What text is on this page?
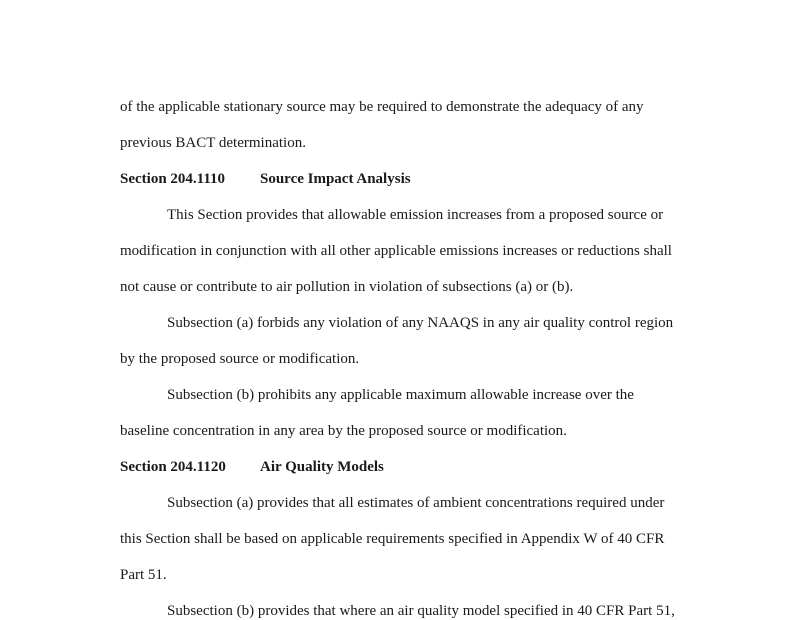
of the applicable stationary source may be required to demonstrate the adequacy of any
previous BACT determination.
Section 204.1110 Source Impact Analysis
This Section provides that allowable emission increases from a proposed source or
modification in conjunction with all other applicable emissions increases or reductions shall
not cause or contribute to air pollution in violation of subsections (a) or (b).
Subsection (a) forbids any violation of any NAAQS in any air quality control region
by the proposed source or modification.
Subsection (b) prohibits any applicable maximum allowable increase over the
baseline concentration in any area by the proposed source or modification.
Section 204.1120 Air Quality Models
Subsection (a) provides that all estimates of ambient concentrations required under
this Section shall be based on applicable requirements specified in Appendix W of 40 CFR
Part 51.
Subsection (b) provides that where an air quality model specified in 40 CFR Part 51,
